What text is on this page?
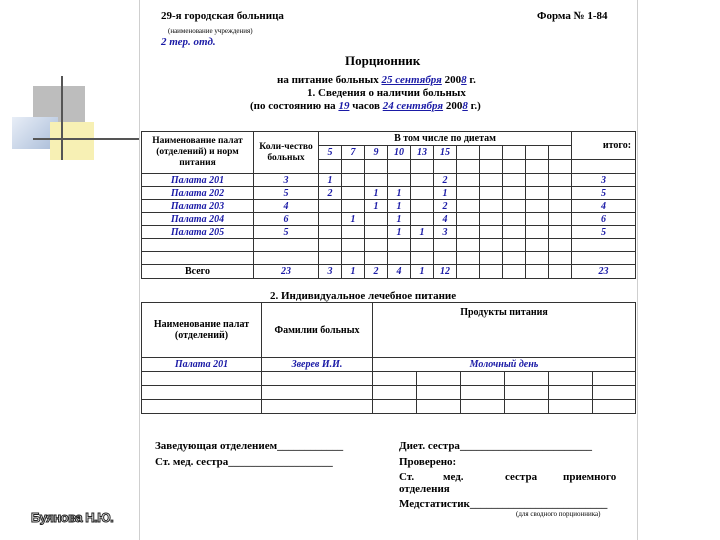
29-я городская больница
(наименование учреждения)
2 тер. отд.
Форма № 1-84
Порционник
на питание больных 25 сентября 2008 г.
1. Сведения о наличии больных
(по состоянию на 19 часов 24 сентября 2008 г.)
Наименование палат (отделений) и норм питания	Коли-чество больных	В том числе по диетам											итого:
		5	7	9	10	13	15						

Палата 201	3	1					2						3
Палата 202	5	2		1	1		1						5
Палата 203	4			1	1		2						4
Палата 204	6		1		1		4						6
Палата 205	5				1	1	3						5

Всего	23	3	1	2	4	1	12						23
2. Индивидуальное лечебное питание
Наименование палат (отделений)	Фамилии больных	Продукты питания					
Палата 201	Зверев И.И.	Молочный день					

Заведующая отделением____________
Ст. мед. сестра___________________
Диет. сестра________________________
Проверено:
Ст.	мед.	сестра приемного
отделения
Медстатистик_________________________
(для сводного порционника)
Буянова Н.Ю.
